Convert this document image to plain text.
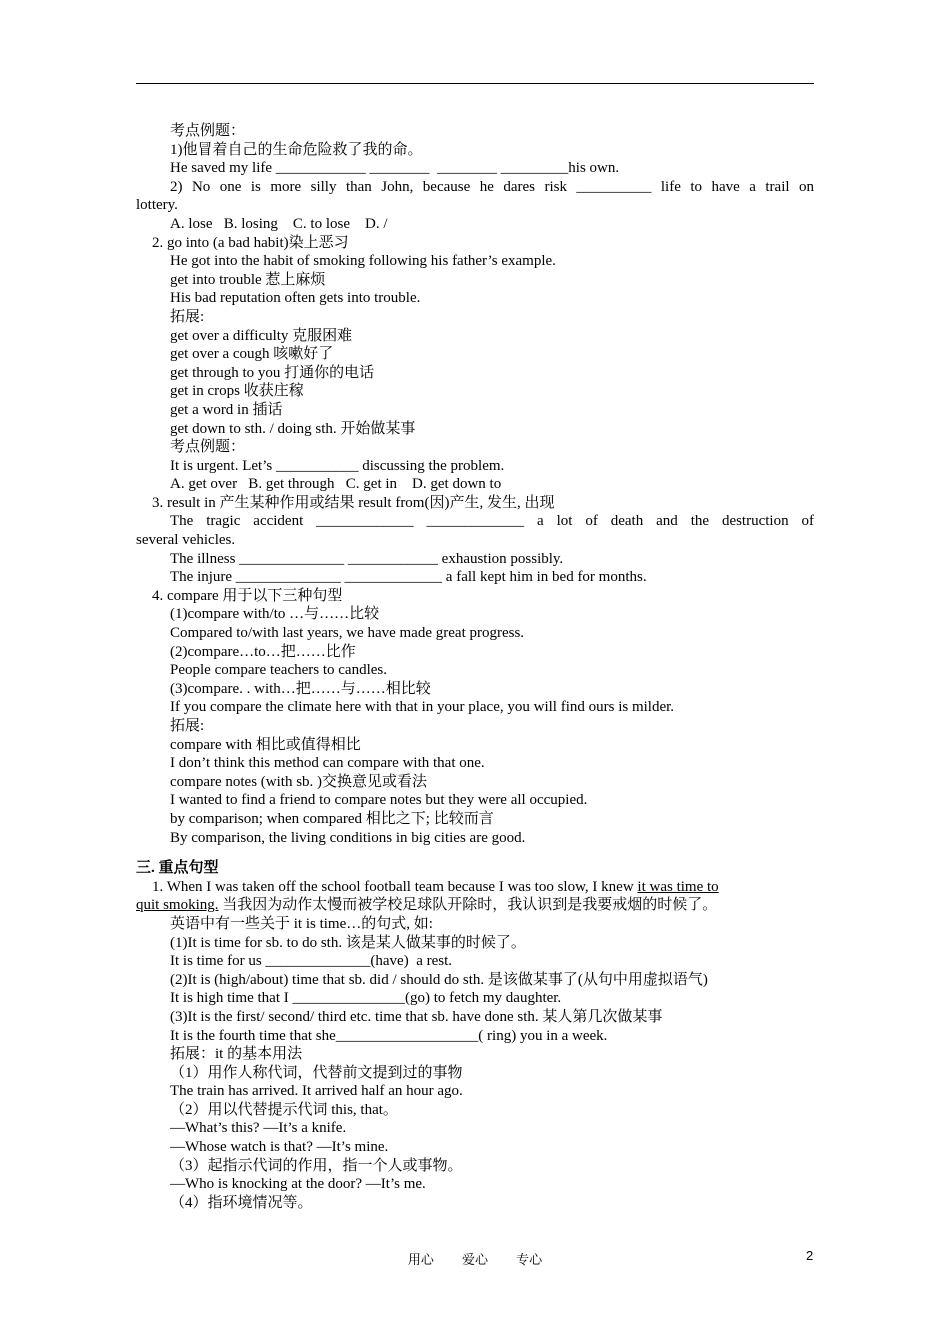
考点例题：
1)他冒着自己的生命危险救了我的命。
He saved my life ____________ ________  ________ _________his own.
2) No one is more silly than John, because he dares risk __________ life to have a trail on
lottery.
A. lose   B. losing    C. to lose    D. /
2. go into (a bad habit)染上恶习
He got into the habit of smoking following his father’s example.
get into trouble 惹上麻烦
His bad reputation often gets into trouble.
拓展:
get over a difficulty 克服困难
get over a cough 咳嗽好了
get through to you 打通你的电话
get in crops 收获庄稼
get a word in 插话
get down to sth. / doing sth. 开始做某事
考点例题：
It is urgent. Let’s ___________ discussing the problem.
A. get over   B. get through   C. get in    D. get down to
3. result in 产生某种作用或结果 result from(因)产生, 发生, 出现
The tragic accident _____________ _____________ a lot of death and the destruction of
several vehicles.
The illness ______________ ____________ exhaustion possibly.
The injure ______________ _____________ a fall kept him in bed for months.
4. compare 用于以下三种句型
(1)compare with/to …与……比较
Compared to/with last years, we have made great progress.
(2)compare…to…把……比作
People compare teachers to candles.
(3)compare. . with…把……与……相比较
If you compare the climate here with that in your place, you will find ours is milder.
拓展:
compare with 相比或值得相比
I don’t think this method can compare with that one.
compare notes (with sb. )交换意见或看法
I wanted to find a friend to compare notes but they were all occupied.
by comparison; when compared 相比之下; 比较而言
By comparison, the living conditions in big cities are good.
三. 重点句型
1. When I was taken off the school football team because I was too slow, I knew it was time to
quit smoking. 当我因为动作太慢而被学校足球队开除时，我认识到是我要戒烟的时候了。
英语中有一些关于 it is time…的句式, 如:
(1)It is time for sb. to do sth. 该是某人做某事的时候了。
It is time for us ______________(have)  a rest.
(2)It is (high/about) time that sb. did / should do sth. 是该做某事了(从句中用虚拟语气)
It is high time that I _______________(go) to fetch my daughter.
(3)It is the first/ second/ third etc. time that sb. have done sth. 某人第几次做某事
It is the fourth time that she___________________( ring) you in a week.
拓展：it 的基本用法
（1）用作人称代词，代替前文提到过的事物
The train has arrived. It arrived half an hour ago.
（2）用以代替提示代词 this, that。
—What’s this? —It’s a knife.
—Whose watch is that? —It’s mine.
（3）起指示代词的作用，指一个人或事物。
—Who is knocking at the door? —It’s me.
（4）指环境情况等。
用心 爱心 专心	2
